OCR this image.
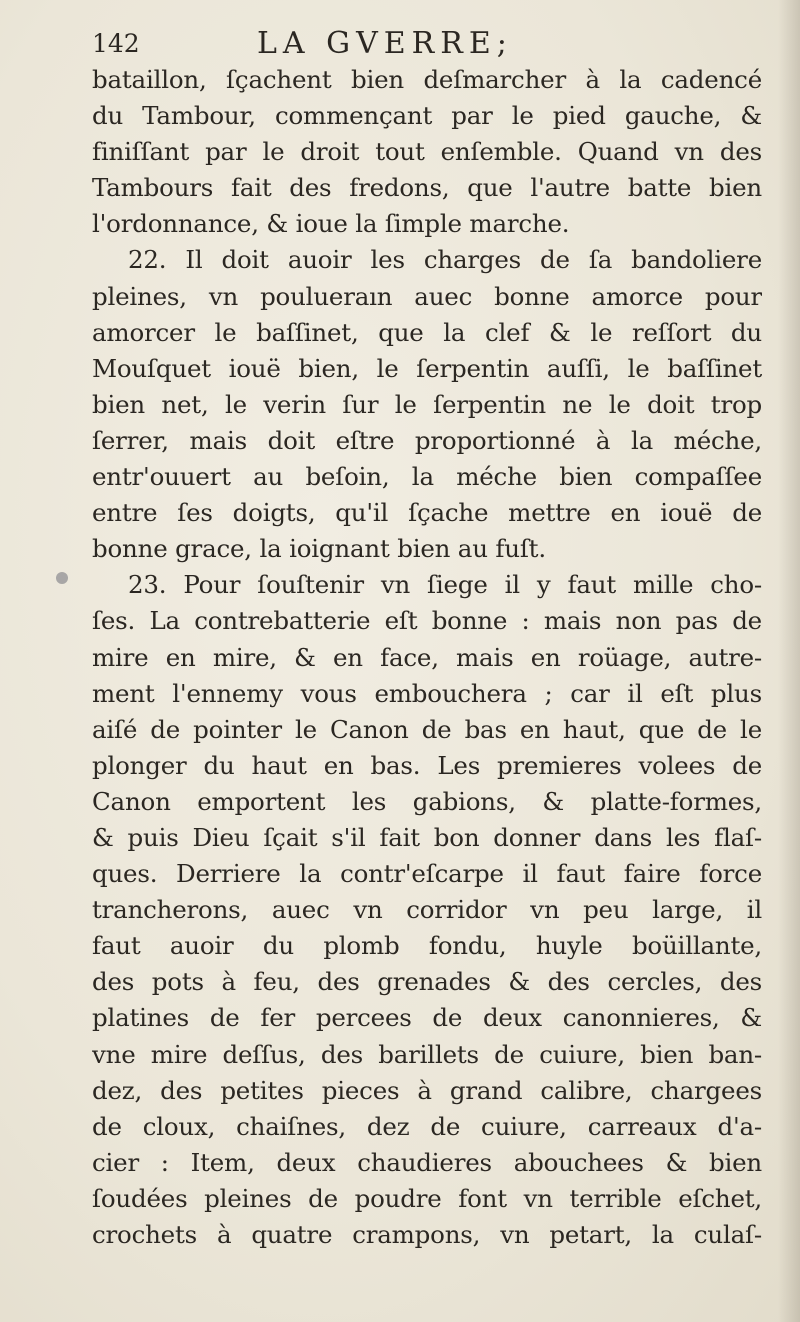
142	LA GVERRE;
bataillon, ſçachent bien deſmarcher à la cadencé
du Tambour, commençant par le pied gauche, &
finiſſant par le droit tout enſemble. Quand vn des
Tambours fait des fredons, que l'autre batte bien
l'ordonnance, & ioue la ſimple marche.
22. Il doit auoir les charges de ſa bandoliere
pleines, vn poulueraın auec bonne amorce pour
amorcer le baſſinet, que la clef & le reſſort du
Mouſquet iouë bien, le ſerpentin auſſi, le baſſinet
bien net, le verin ſur le ſerpentin ne le doit trop
ſerrer, mais doit eſtre proportionné à la méche,
entr'ouuert au beſoin, la méche bien compaſſee
entre ſes doigts, qu'il ſçache mettre en iouë de
bonne grace, la ioignant bien au fuſt.
23. Pour ſouſtenir vn ſiege il y faut mille cho-
ſes. La contrebatterie eſt bonne : mais non pas de
mire en mire, & en face, mais en roüage, autre-
ment l'ennemy vous embouchera ; car il eſt plus
aiſé de pointer le Canon de bas en haut, que de le
plonger du haut en bas. Les premieres volees de
Canon emportent les gabions, & platte-formes,
& puis Dieu ſçait s'il fait bon donner dans les flaſ-
ques. Derriere la contr'eſcarpe il faut faire force
trancherons, auec vn corridor vn peu large, il
faut auoir du plomb fondu, huyle boüillante,
des pots à feu, des grenades & des cercles, des
platines de fer percees de deux canonnieres, &
vne mire deſſus, des barillets de cuiure, bien ban-
dez, des petites pieces à grand calibre, chargees
de cloux, chaiſnes, dez de cuiure, carreaux d'a-
cier : Item, deux chaudieres abouchees & bien
ſoudées pleines de poudre font vn terrible eſchet,
crochets à quatre crampons, vn petart, la culaſ-
